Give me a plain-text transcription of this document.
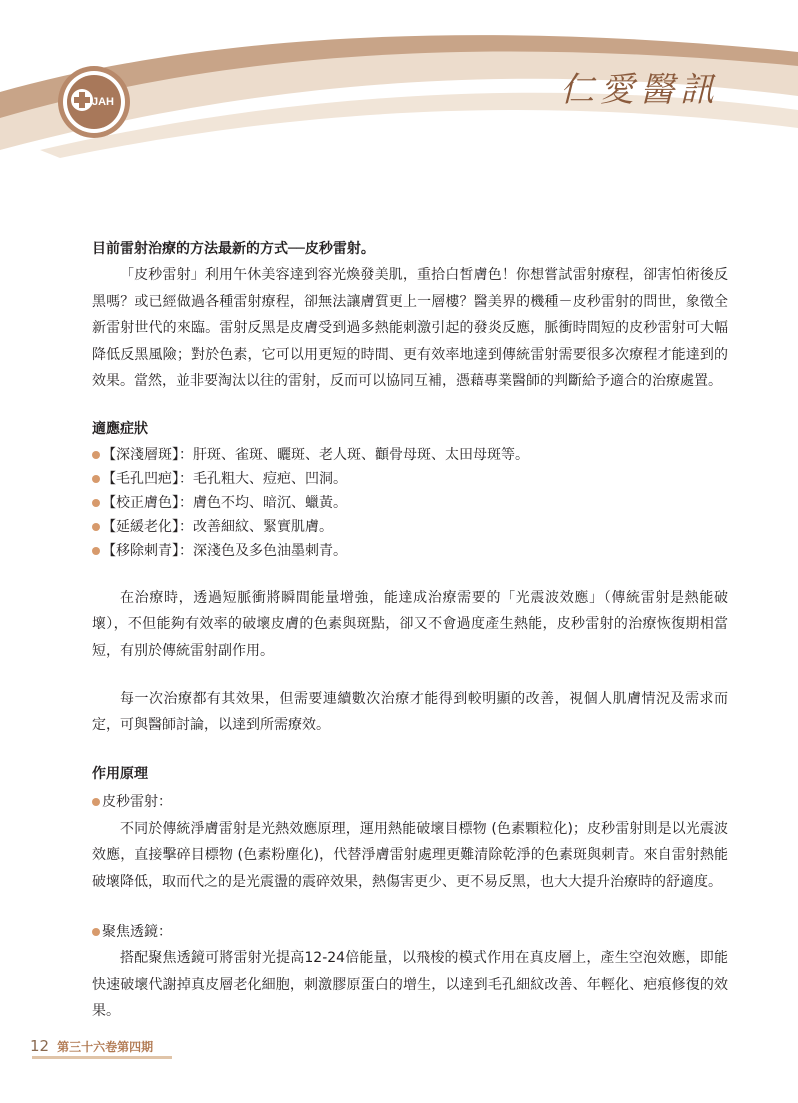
JAH	仁愛醫訊
目前雷射治療的方法最新的方式──皮秒雷射。

「皮秒雷射」利用午休美容達到容光煥發美肌，重拾白皙膚色！你想嘗試雷射療程，卻害怕術後反黑嗎？或已經做過各種雷射療程，卻無法讓膚質更上一層樓？醫美界的機種－皮秒雷射的問世，象徵全新雷射世代的來臨。雷射反黑是皮膚受到過多熱能刺激引起的發炎反應，脈衝時間短的皮秒雷射可大幅降低反黑風險；對於色素，它可以用更短的時間、更有效率地達到傳統雷射需要很多次療程才能達到的效果。當然，並非要淘汰以往的雷射，反而可以協同互補，憑藉專業醫師的判斷給予適合的治療處置。

適應症狀
【深淺層斑】：肝斑、雀斑、曬斑、老人斑、顴骨母斑、太田母斑等。
【毛孔凹疤】：毛孔粗大、痘疤、凹洞。
【校正膚色】：膚色不均、暗沉、蠟黃。
【延緩老化】：改善細紋、緊實肌膚。
【移除刺青】：深淺色及多色油墨刺青。

在治療時，透過短脈衝將瞬間能量增強，能達成治療需要的「光震波效應」（傳統雷射是熱能破壞），不但能夠有效率的破壞皮膚的色素與斑點，卻又不會過度產生熱能，皮秒雷射的治療恢復期相當短，有別於傳統雷射副作用。

每一次治療都有其效果，但需要連續數次治療才能得到較明顯的改善，視個人肌膚情況及需求而定，可與醫師討論，以達到所需療效。

作用原理
皮秒雷射：

不同於傳統淨膚雷射是光熱效應原理，運用熱能破壞目標物 (色素顆粒化)；皮秒雷射則是以光震波效應，直接擊碎目標物 (色素粉塵化)，代替淨膚雷射處理更難清除乾淨的色素斑與刺青。來自雷射熱能破壞降低，取而代之的是光震盪的震碎效果，熱傷害更少、更不易反黑，也大大提升治療時的舒適度。

聚焦透鏡：

搭配聚焦透鏡可將雷射光提高12-24倍能量，以飛梭的模式作用在真皮層上，產生空泡效應，即能快速破壞代謝掉真皮層老化細胞，刺激膠原蛋白的增生，以達到毛孔細紋改善、年輕化、疤痕修復的效果。

12 第三十六卷第四期
